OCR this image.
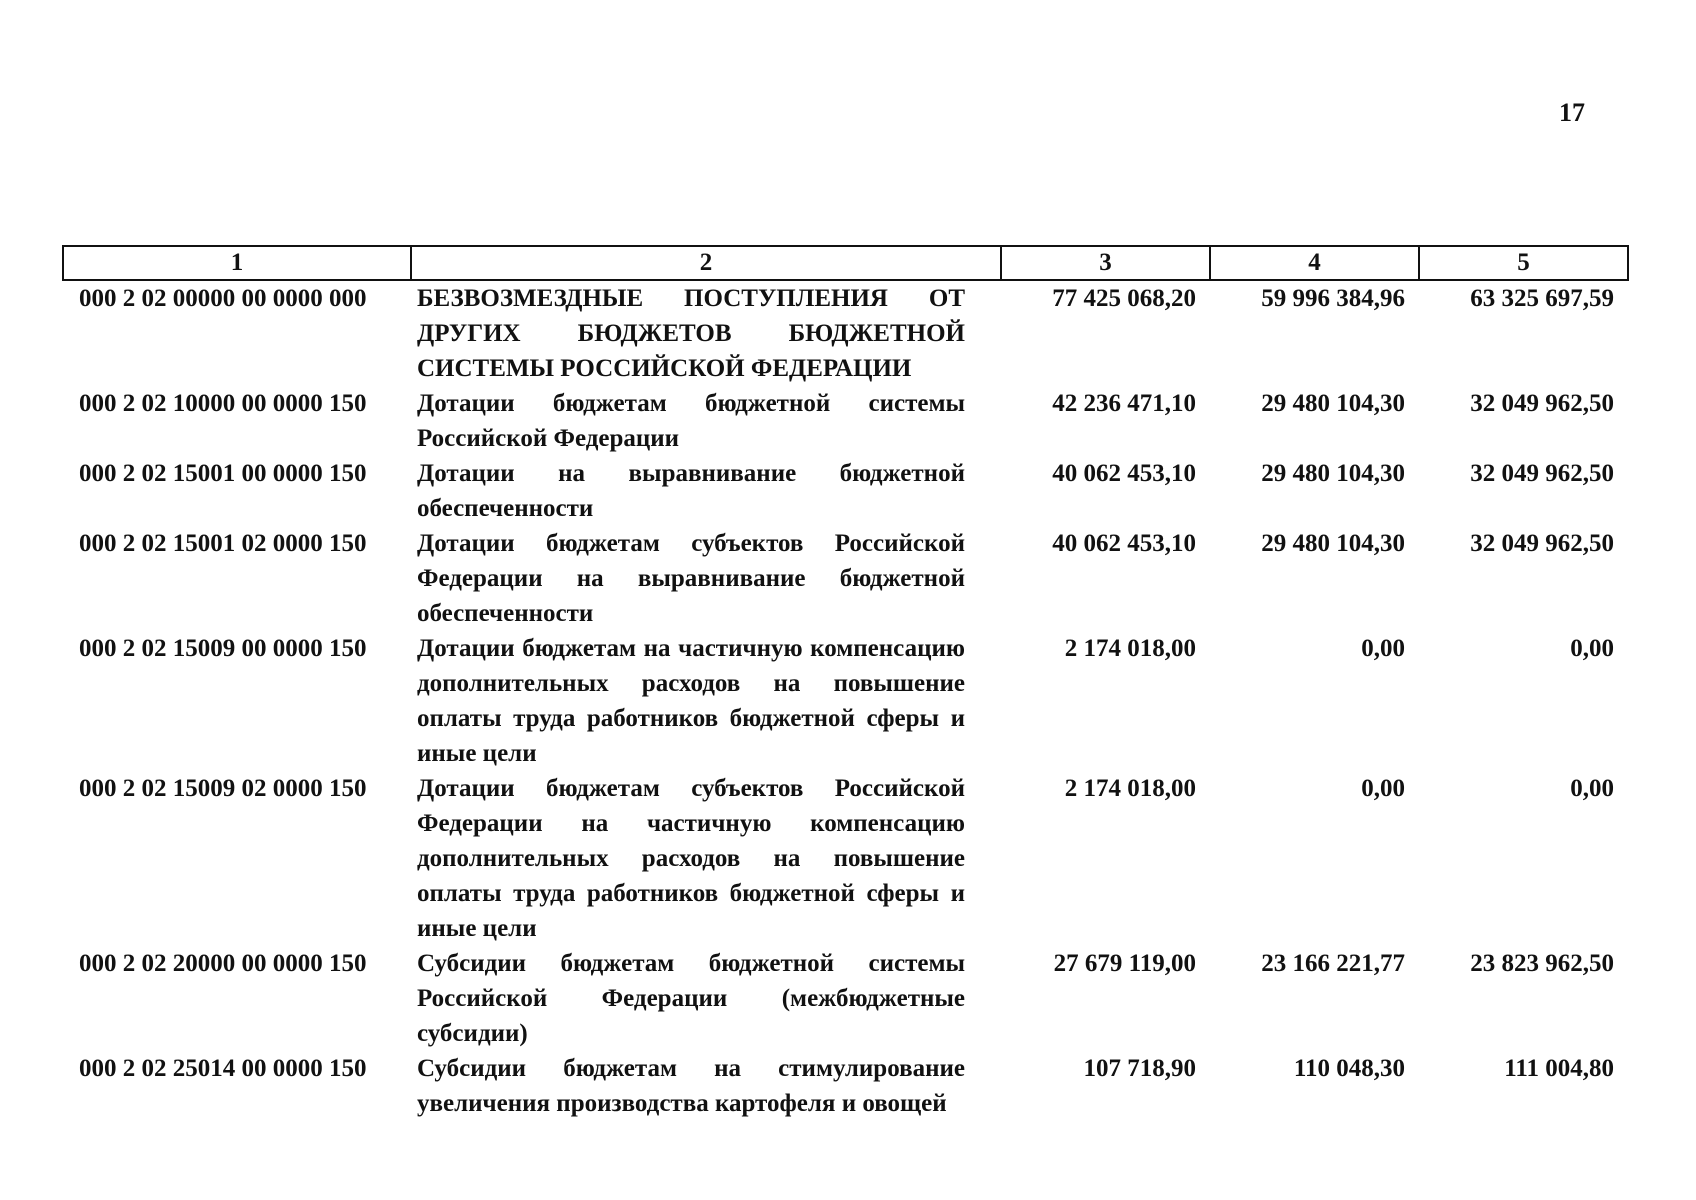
17
1	2	3	4	5
000 2 02 00000 00 0000 000	БЕЗВОЗМЕЗДНЫЕ ПОСТУПЛЕНИЯ ОТ ДРУГИХ БЮДЖЕТОВ БЮДЖЕТНОЙ СИСТЕМЫ РОССИЙСКОЙ ФЕДЕРАЦИИ	77 425 068,20	59 996 384,96	63 325 697,59
000 2 02 10000 00 0000 150	Дотации бюджетам бюджетной системы Российской Федерации	42 236 471,10	29 480 104,30	32 049 962,50
000 2 02 15001 00 0000 150	Дотации на выравнивание бюджетной обеспеченности	40 062 453,10	29 480 104,30	32 049 962,50
000 2 02 15001 02 0000 150	Дотации бюджетам субъектов Российской Федерации на выравнивание бюджетной обеспеченности	40 062 453,10	29 480 104,30	32 049 962,50
000 2 02 15009 00 0000 150	Дотации бюджетам на частичную компенсацию дополнительных расходов на повышение оплаты труда работников бюджетной сферы и иные цели	2 174 018,00	0,00	0,00
000 2 02 15009 02 0000 150	Дотации бюджетам субъектов Российской Федерации на частичную компенсацию дополнительных расходов на повышение оплаты труда работников бюджетной сферы и иные цели	2 174 018,00	0,00	0,00
000 2 02 20000 00 0000 150	Субсидии бюджетам бюджетной системы Российской Федерации (межбюджетные субсидии)	27 679 119,00	23 166 221,77	23 823 962,50
000 2 02 25014 00 0000 150	Субсидии бюджетам на стимулирование увеличения производства картофеля и овощей	107 718,90	110 048,30	111 004,80
